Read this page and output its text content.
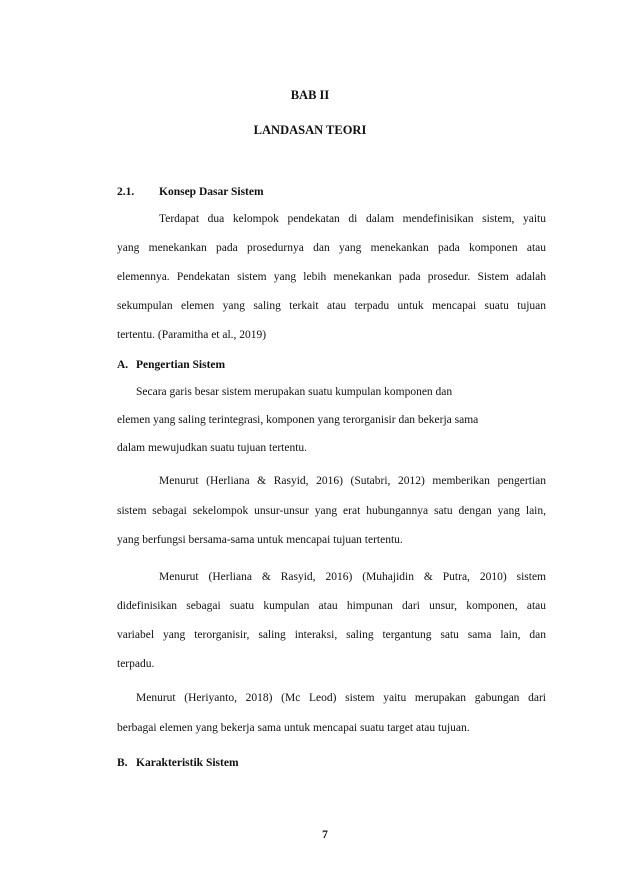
BAB II
LANDASAN TEORI
2.1. Konsep Dasar Sistem
Terdapat dua kelompok pendekatan di dalam mendefinisikan sistem, yaitu
yang menekankan pada prosedurnya dan yang menekankan pada komponen atau
elemennya. Pendekatan sistem yang lebih menekankan pada prosedur. Sistem adalah
sekumpulan elemen yang saling terkait atau terpadu untuk mencapai suatu tujuan
tertentu. (Paramitha et al., 2019)
A. Pengertian Sistem
Secara garis besar sistem merupakan suatu kumpulan komponen dan
elemen yang saling terintegrasi, komponen yang terorganisir dan bekerja sama
dalam mewujudkan suatu tujuan tertentu.
Menurut (Herliana & Rasyid, 2016) (Sutabri, 2012) memberikan pengertian
sistem sebagai sekelompok unsur-unsur yang erat hubungannya satu dengan yang lain,
yang berfungsi bersama-sama untuk mencapai tujuan tertentu.
Menurut (Herliana & Rasyid, 2016) (Muhajidin & Putra, 2010) sistem
didefinisikan sebagai suatu kumpulan atau himpunan dari unsur, komponen, atau
variabel yang terorganisir, saling interaksi, saling tergantung satu sama lain, dan
terpadu.
Menurut (Heriyanto, 2018) (Mc Leod) sistem yaitu merupakan gabungan dari
berbagai elemen yang bekerja sama untuk mencapai suatu target atau tujuan.
B. Karakteristik Sistem
7
